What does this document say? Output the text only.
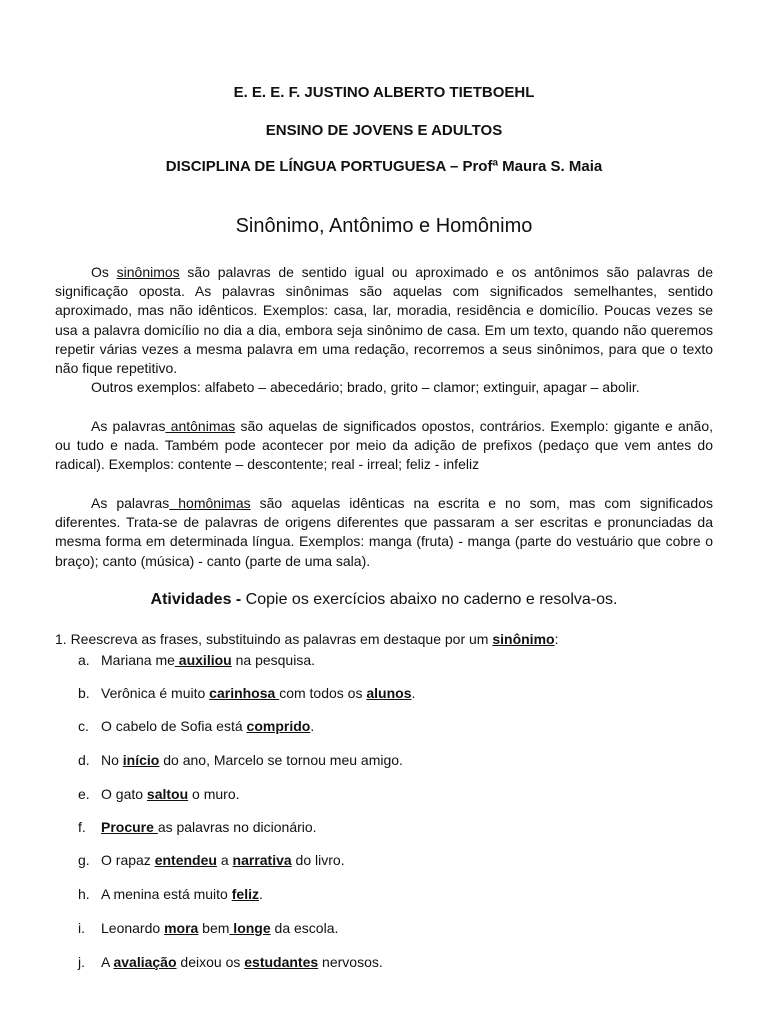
E. E. E. F. JUSTINO ALBERTO TIETBOEHL
ENSINO DE JOVENS E ADULTOS
DISCIPLINA DE LÍNGUA PORTUGUESA – Profª Maura S. Maia
Sinônimo, Antônimo e Homônimo

Os sinônimos são palavras de sentido igual ou aproximado e os antônimos são palavras de significação oposta. As palavras sinônimas são aquelas com significados semelhantes, sentido aproximado, mas não idênticos. Exemplos: casa, lar, moradia, residência e domicílio. Poucas vezes se usa a palavra domicílio no dia a dia, embora seja sinônimo de casa. Em um texto, quando não queremos repetir várias vezes a mesma palavra em uma redação, recorremos a seus sinônimos, para que o texto não fique repetitivo.
Outros exemplos: alfabeto – abecedário; brado, grito – clamor; extinguir, apagar – abolir.

As palavras antônimas são aquelas de significados opostos, contrários. Exemplo: gigante e anão, ou tudo e nada. Também pode acontecer por meio da adição de prefixos (pedaço que vem antes do radical). Exemplos: contente – descontente; real - irreal; feliz - infeliz

As palavras homônimas são aquelas idênticas na escrita e no som, mas com significados diferentes. Trata-se de palavras de origens diferentes que passaram a ser escritas e pronunciadas da mesma forma em determinada língua. Exemplos: manga (fruta) - manga (parte do vestuário que cobre o braço); canto (música) - canto (parte de uma sala).

Atividades - Copie os exercícios abaixo no caderno e resolva-os.
1. Reescreva as frases, substituindo as palavras em destaque por um sinônimo:
a. Mariana me auxiliou na pesquisa.
b. Verônica é muito carinhosa com todos os alunos.
c. O cabelo de Sofia está comprido.
d. No início do ano, Marcelo se tornou meu amigo.
e. O gato saltou o muro.
f. Procure as palavras no dicionário.
g. O rapaz entendeu a narrativa do livro.
h. A menina está muito feliz.
i. Leonardo mora bem longe da escola.
j. A avaliação deixou os estudantes nervosos.
